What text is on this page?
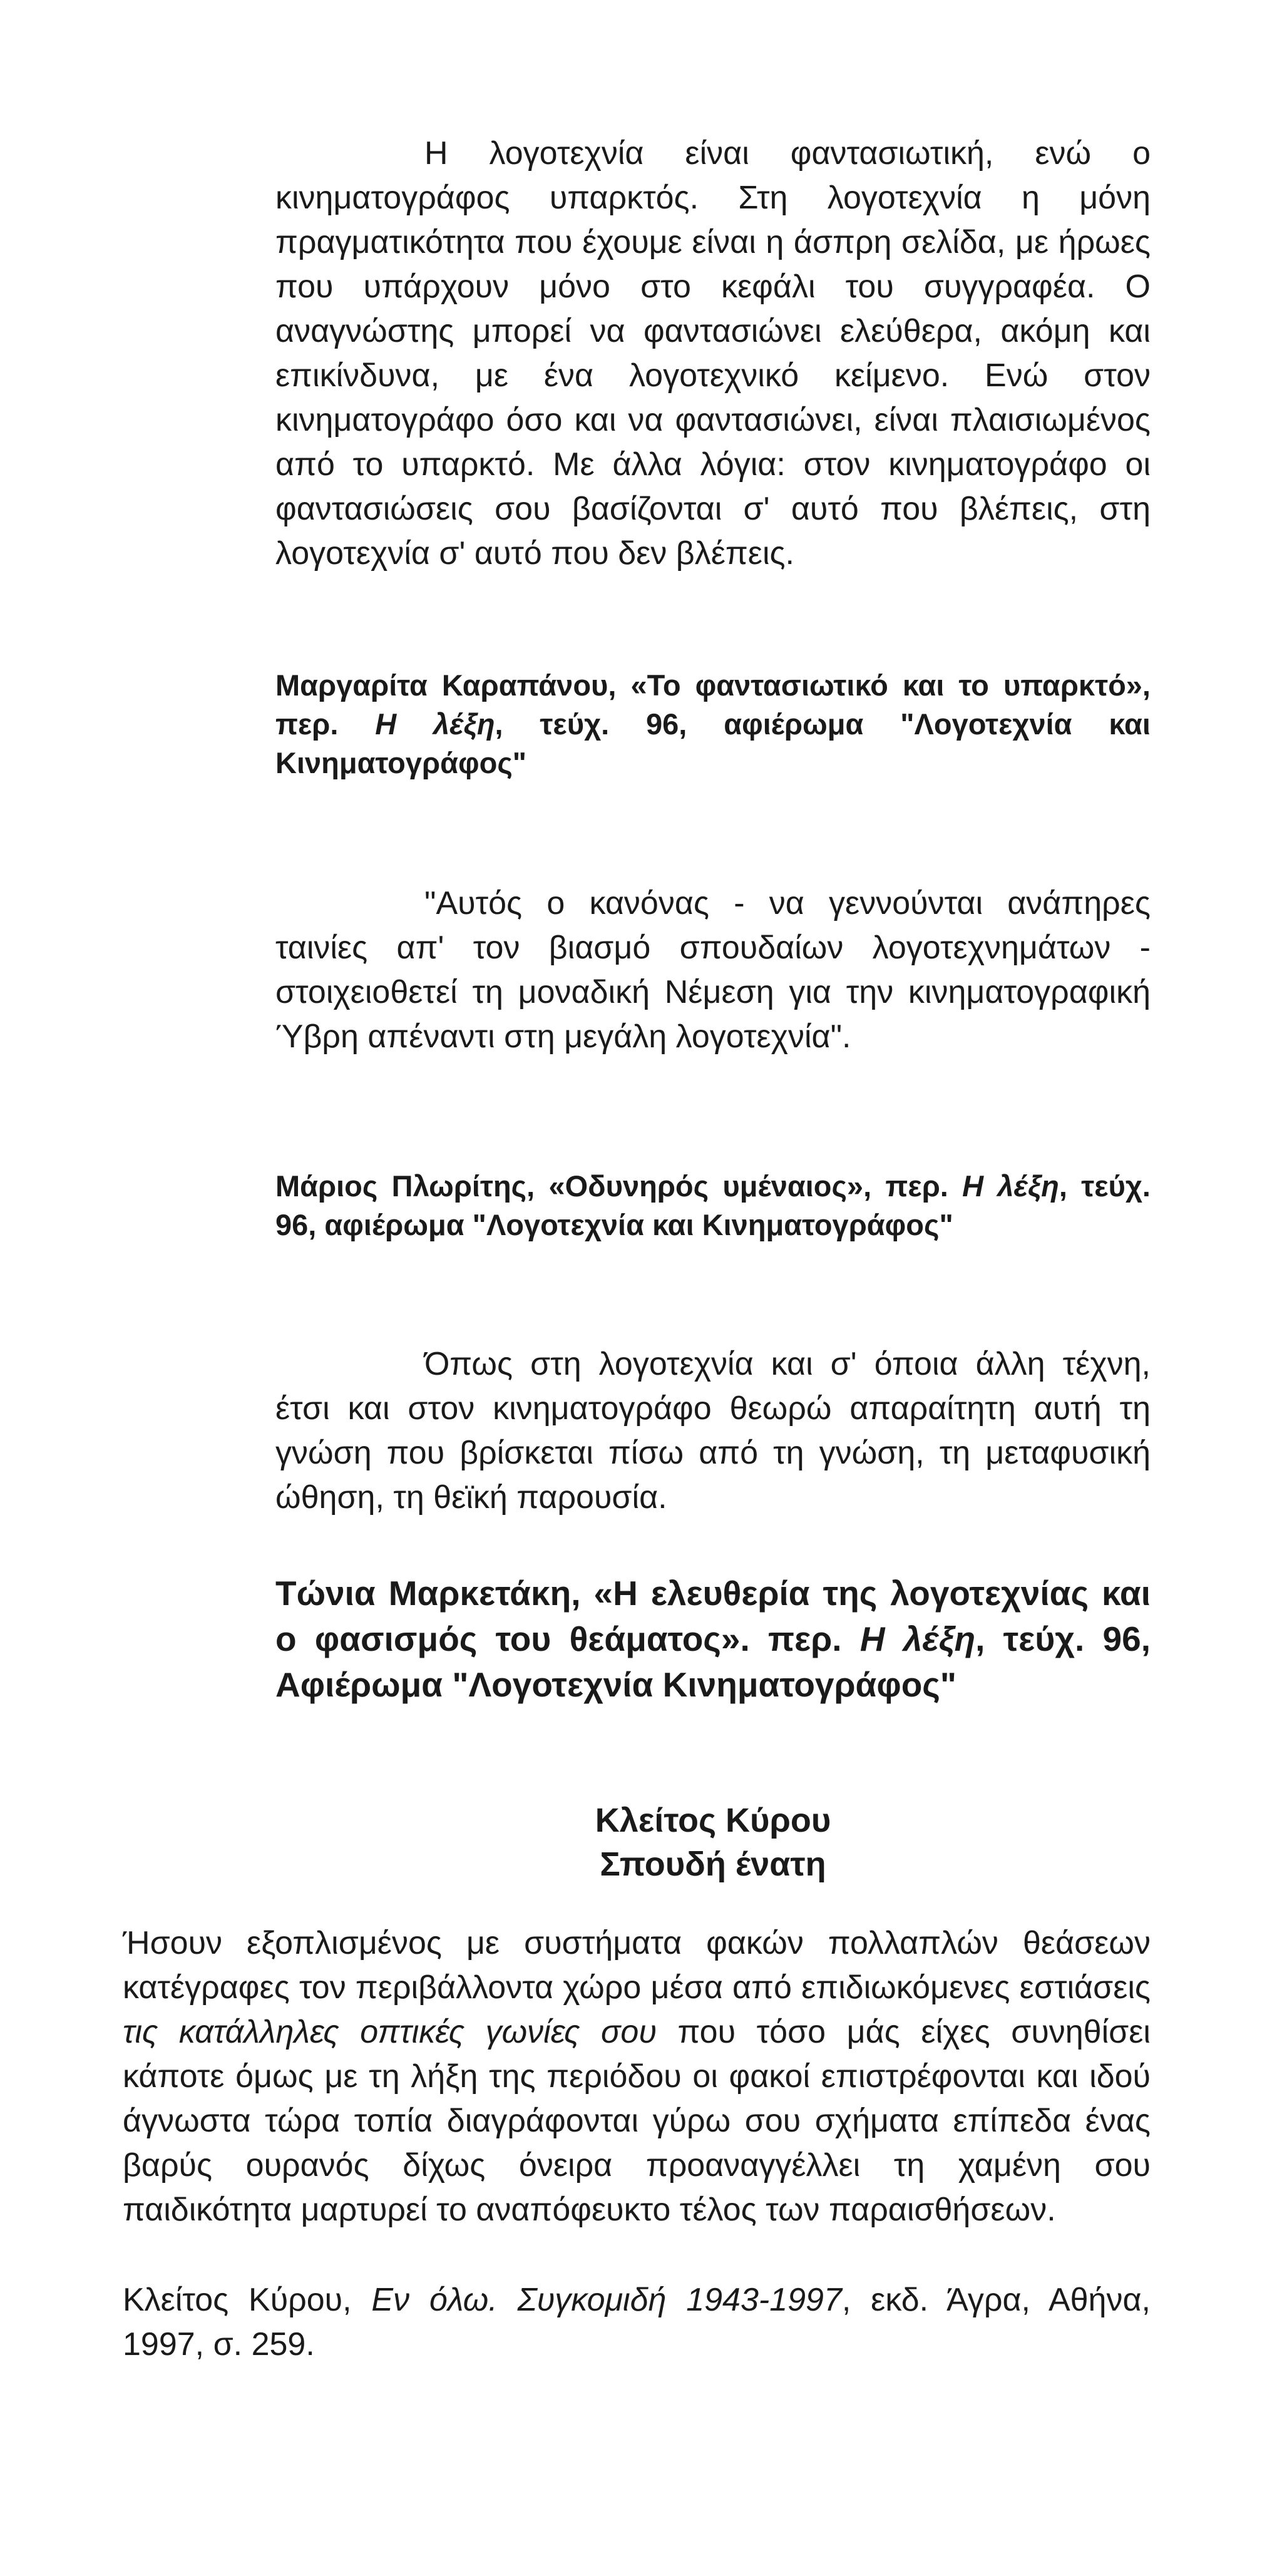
Η λογοτεχνία είναι φαντασιωτική, ενώ ο κινηματογράφος υπαρκτός. Στη λογοτεχνία η μόνη πραγματικότητα που έχουμε είναι η άσπρη σελίδα, με ήρωες που υπάρχουν μόνο στο κεφάλι του συγγραφέα. Ο αναγνώστης μπορεί να φαντασιώνει ελεύθερα, ακόμη και επικίνδυνα, με ένα λογοτεχνικό κείμενο. Ενώ στον κινηματογράφο όσο και να φαντασιώνει, είναι πλαισιωμένος από το υπαρκτό. Με άλλα λόγια: στον κινηματογράφο οι φαντασιώσεις σου βασίζονται σ' αυτό που βλέπεις, στη λογοτεχνία σ' αυτό που δεν βλέπεις.

Μαργαρίτα Καραπάνου, «Το φαντασιωτικό και το υπαρκτό», περ. Η λέξη, τεύχ. 96, αφιέρωμα "Λογοτεχνία και Κινηματογράφος"

"Αυτός ο κανόνας - να γεννούνται ανάπηρες ταινίες απ' τον βιασμό σπουδαίων λογοτεχνημάτων - στοιχειοθετεί τη μοναδική Νέμεση για την κινηματογραφική Ύβρη απέναντι στη μεγάλη λογοτεχνία".

Μάριος Πλωρίτης, «Οδυνηρός υμέναιος», περ. Η λέξη, τεύχ. 96, αφιέρωμα "Λογοτεχνία και Κινηματογράφος"

Όπως στη λογοτεχνία και σ' όποια άλλη τέχνη, έτσι και στον κινηματογράφο θεωρώ απαραίτητη αυτή τη γνώση που βρίσκεται πίσω από τη γνώση, τη μεταφυσική ώθηση, τη θεϊκή παρουσία.

Τώνια Μαρκετάκη, «Η ελευθερία της λογοτεχνίας και ο φασισμός του θεάματος». περ. Η λέξη, τεύχ. 96, Αφιέρωμα "Λογοτεχνία Κινηματογράφος"

Κλείτος Κύρου
Σπουδή ένατη

Ήσουν εξοπλισμένος με συστήματα φακών πολλαπλών θεάσεων κατέγραφες τον περιβάλλοντα χώρο μέσα από επιδιωκόμενες εστιάσεις τις κατάλληλες οπτικές γωνίες σου που τόσο μάς είχες συνηθίσει κάποτε όμως με τη λήξη της περιόδου οι φακοί επιστρέφονται και ιδού άγνωστα τώρα τοπία διαγράφονται γύρω σου σχήματα επίπεδα ένας βαρύς ουρανός δίχως όνειρα προαναγγέλλει τη χαμένη σου παιδικότητα μαρτυρεί το αναπόφευκτο τέλος των παραισθήσεων.

Κλείτος Κύρου, Εν όλω. Συγκομιδή 1943-1997, εκδ. Άγρα, Αθήνα, 1997, σ. 259.
